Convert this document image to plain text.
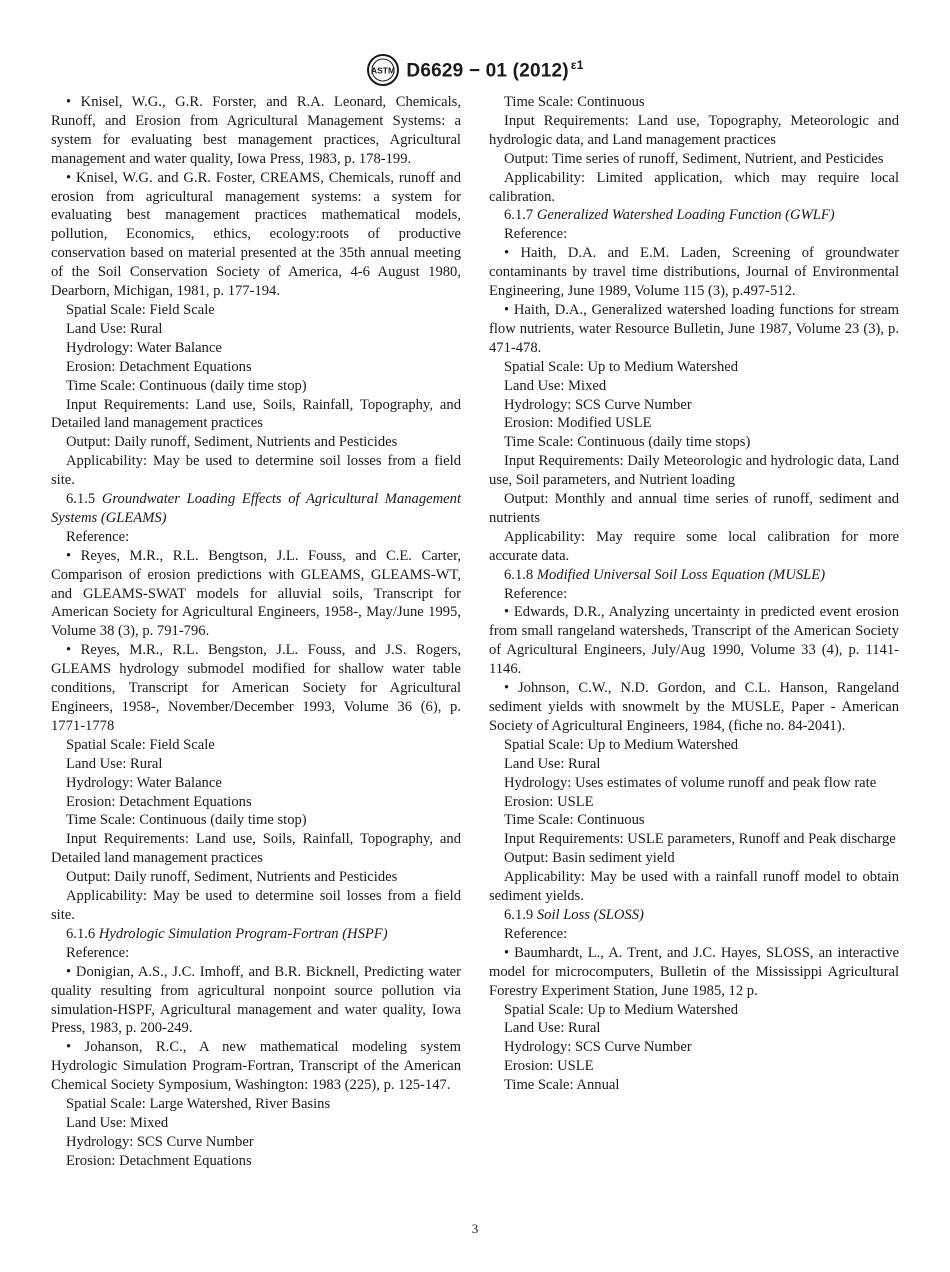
ASTM D6629 − 01 (2012) $^{\varepsilon 1}$

• Knisel, W.G., G.R. Forster, and R.A. Leonard, Chemicals, Runoff, and Erosion from Agricultural Management Systems: a system for evaluating best management practices, Agricultural management and water quality, Iowa Press, 1983, p. 178-199.

• Knisel, W.G. and G.R. Foster, CREAMS, Chemicals, runoff and erosion from agricultural management systems: a system for evaluating best management practices mathematical models, pollution, Economics, ethics, ecology:roots of productive conservation based on material presented at the 35th annual meeting of the Soil Conservation Society of America, 4-6 August 1980, Dearborn, Michigan, 1981, p. 177-194.

Spatial Scale: Field Scale

Land Use: Rural

Hydrology: Water Balance

Erosion: Detachment Equations

Time Scale: Continuous (daily time stop)

Input Requirements: Land use, Soils, Rainfall, Topography, and Detailed land management practices

Output: Daily runoff, Sediment, Nutrients and Pesticides

Applicability: May be used to determine soil losses from a field site.

6.1.5 Groundwater Loading Effects of Agricultural Management Systems (GLEAMS)

Reference:

• Reyes, M.R., R.L. Bengtson, J.L. Fouss, and C.E. Carter, Comparison of erosion predictions with GLEAMS, GLEAMS-WT, and GLEAMS-SWAT models for alluvial soils, Transcript for American Society for Agricultural Engineers, 1958-, May/June 1995, Volume 38 (3), p. 791-796.

• Reyes, M.R., R.L. Bengston, J.L. Fouss, and J.S. Rogers, GLEAMS hydrology submodel modified for shallow water table conditions, Transcript for American Society for Agricultural Engineers, 1958-, November/December 1993, Volume 36 (6), p. 1771-1778

Spatial Scale: Field Scale

Land Use: Rural

Hydrology: Water Balance

Erosion: Detachment Equations

Time Scale: Continuous (daily time stop)

Input Requirements: Land use, Soils, Rainfall, Topography, and Detailed land management practices

Output: Daily runoff, Sediment, Nutrients and Pesticides

Applicability: May be used to determine soil losses from a field site.

6.1.6 Hydrologic Simulation Program-Fortran (HSPF)

Reference:

• Donigian, A.S., J.C. Imhoff, and B.R. Bicknell, Predicting water quality resulting from agricultural nonpoint source pollution via simulation-HSPF, Agricultural management and water quality, Iowa Press, 1983, p. 200-249.

• Johanson, R.C., A new mathematical modeling system Hydrologic Simulation Program-Fortran, Transcript of the American Chemical Society Symposium, Washington: 1983 (225), p. 125-147.

Spatial Scale: Large Watershed, River Basins

Land Use: Mixed

Hydrology: SCS Curve Number

Erosion: Detachment Equations

Time Scale: Continuous

Input Requirements: Land use, Topography, Meteorologic and hydrologic data, and Land management practices

Output: Time series of runoff, Sediment, Nutrient, and Pesticides

Applicability: Limited application, which may require local calibration.

6.1.7 Generalized Watershed Loading Function (GWLF)

Reference:

• Haith, D.A. and E.M. Laden, Screening of groundwater contaminants by travel time distributions, Journal of Environmental Engineering, June 1989, Volume 115 (3), p.497-512.

• Haith, D.A., Generalized watershed loading functions for stream flow nutrients, water Resource Bulletin, June 1987, Volume 23 (3), p. 471-478.

Spatial Scale: Up to Medium Watershed

Land Use: Mixed

Hydrology: SCS Curve Number

Erosion: Modified USLE

Time Scale: Continuous (daily time stops)

Input Requirements: Daily Meteorologic and hydrologic data, Land use, Soil parameters, and Nutrient loading

Output: Monthly and annual time series of runoff, sediment and nutrients

Applicability: May require some local calibration for more accurate data.

6.1.8 Modified Universal Soil Loss Equation (MUSLE)

Reference:

• Edwards, D.R., Analyzing uncertainty in predicted event erosion from small rangeland watersheds, Transcript of the American Society of Agricultural Engineers, July/Aug 1990, Volume 33 (4), p. 1141-1146.

• Johnson, C.W., N.D. Gordon, and C.L. Hanson, Rangeland sediment yields with snowmelt by the MUSLE, Paper - American Society of Agricultural Engineers, 1984, (fiche no. 84-2041).

Spatial Scale: Up to Medium Watershed

Land Use: Rural

Hydrology: Uses estimates of volume runoff and peak flow rate

Erosion: USLE

Time Scale: Continuous

Input Requirements: USLE parameters, Runoff and Peak discharge

Output: Basin sediment yield

Applicability: May be used with a rainfall runoff model to obtain sediment yields.

6.1.9 Soil Loss (SLOSS)

Reference:

• Baumhardt, L., A. Trent, and J.C. Hayes, SLOSS, an interactive model for microcomputers, Bulletin of the Mississippi Agricultural Forestry Experiment Station, June 1985, 12 p.

Spatial Scale: Up to Medium Watershed

Land Use: Rural

Hydrology: SCS Curve Number

Erosion: USLE

Time Scale: Annual

3
